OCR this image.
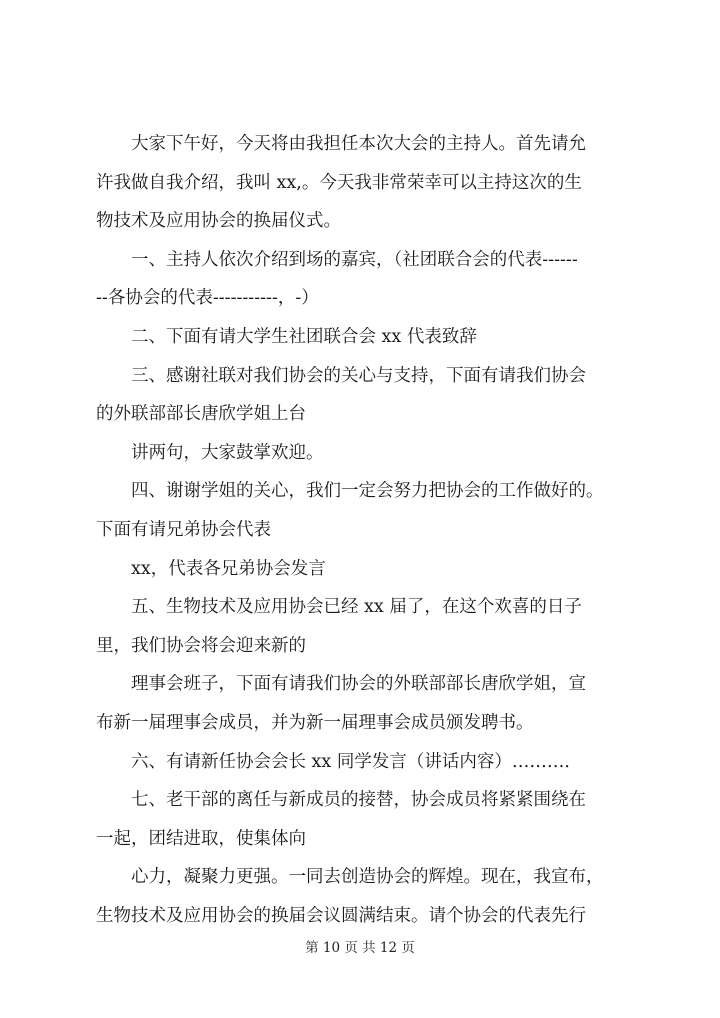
　　大家下午好，今天将由我担任本次大会的主持人。首先请允
许我做自我介绍，我叫 xx,。今天我非常荣幸可以主持这次的生
物技术及应用协会的换届仪式。
　　一、主持人依次介绍到场的嘉宾，（社团联合会的代表------
--各协会的代表-----------，-）
　　二、下面有请大学生社团联合会 xx 代表致辞
　　三、感谢社联对我们协会的关心与支持，下面有请我们协会
的外联部部长唐欣学姐上台
　　讲两句，大家鼓掌欢迎。
　　四、谢谢学姐的关心，我们一定会努力把协会的工作做好的。
下面有请兄弟协会代表
　　xx，代表各兄弟协会发言
　　五、生物技术及应用协会已经 xx 届了，在这个欢喜的日子
里，我们协会将会迎来新的
　　理事会班子，下面有请我们协会的外联部部长唐欣学姐，宣
布新一届理事会成员，并为新一届理事会成员颁发聘书。
　　六、有请新任协会会长 xx 同学发言（讲话内容）………．
　　七、老干部的离任与新成员的接替，协会成员将紧紧围绕在
一起，团结进取，使集体向
　　心力，凝聚力更强。一同去创造协会的辉煌。现在，我宣布，
生物技术及应用协会的换届会议圆满结束。请个协会的代表先行
第 10 页 共 12 页
